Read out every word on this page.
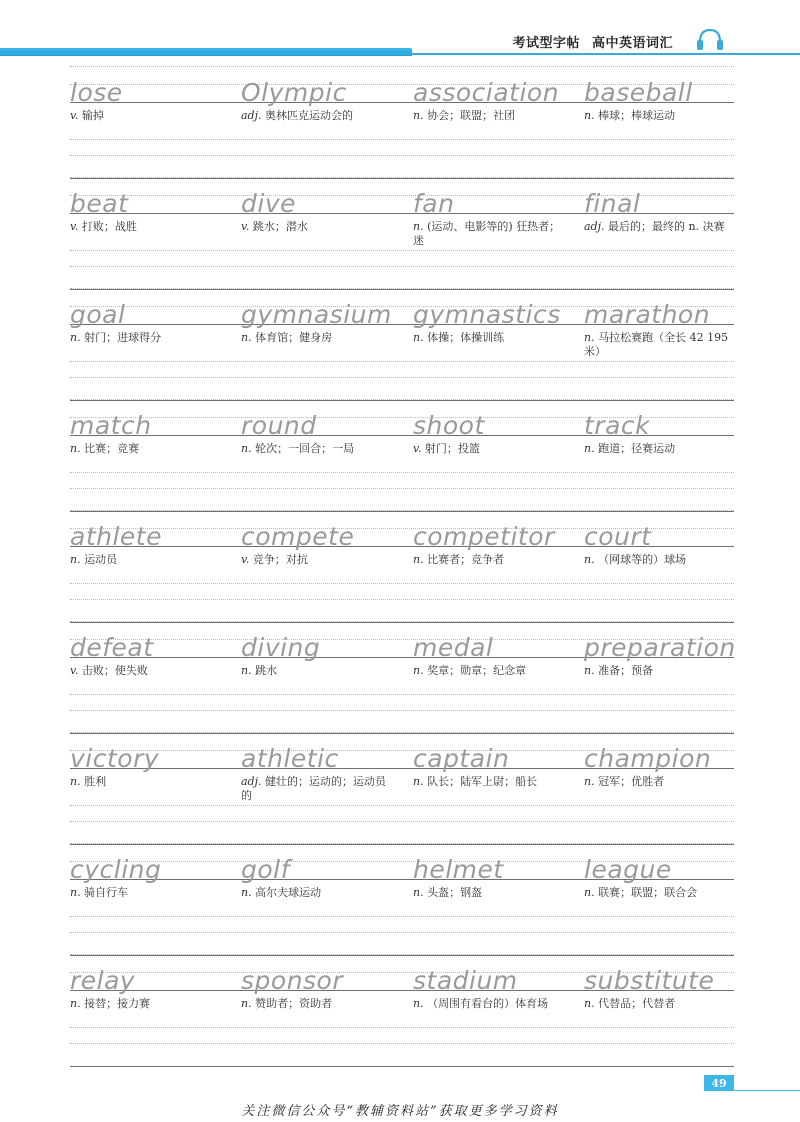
考试型字帖 高中英语词汇
lose
v. 输掉
Olympic
adj. 奥林匹克运动会的
association
n. 协会；联盟；社团
baseball
n. 棒球；棒球运动
beat
v. 打败；战胜
dive
v. 跳水；潜水
fan
n. (运动、电影等的) 狂热者；迷
final
adj. 最后的；最终的 n. 决赛
goal
n. 射门；进球得分
gymnasium
n. 体育馆；健身房
gymnastics
n. 体操；体操训练
marathon
n. 马拉松赛跑（全长 42 195 米）
match
n. 比赛；竞赛
round
n. 轮次；一回合；一局
shoot
v. 射门；投篮
track
n. 跑道；径赛运动
athlete
n. 运动员
compete
v. 竞争；对抗
competitor
n. 比赛者；竞争者
court
n. （网球等的）球场
defeat
v. 击败；使失败
diving
n. 跳水
medal
n. 奖章；勋章；纪念章
preparation
n. 准备；预备
victory
n. 胜利
athletic
adj. 健壮的；运动的；运动员的
captain
n. 队长；陆军上尉；船长
champion
n. 冠军；优胜者
cycling
n. 骑自行车
golf
n. 高尔夫球运动
helmet
n. 头盔；钢盔
league
n. 联赛；联盟；联合会
relay
n. 接替；接力赛
sponsor
n. 赞助者；资助者
stadium
n. （周围有看台的）体育场
substitute
n. 代替品；代替者
49
关注微信公众号“教辅资料站”获取更多学习资料
